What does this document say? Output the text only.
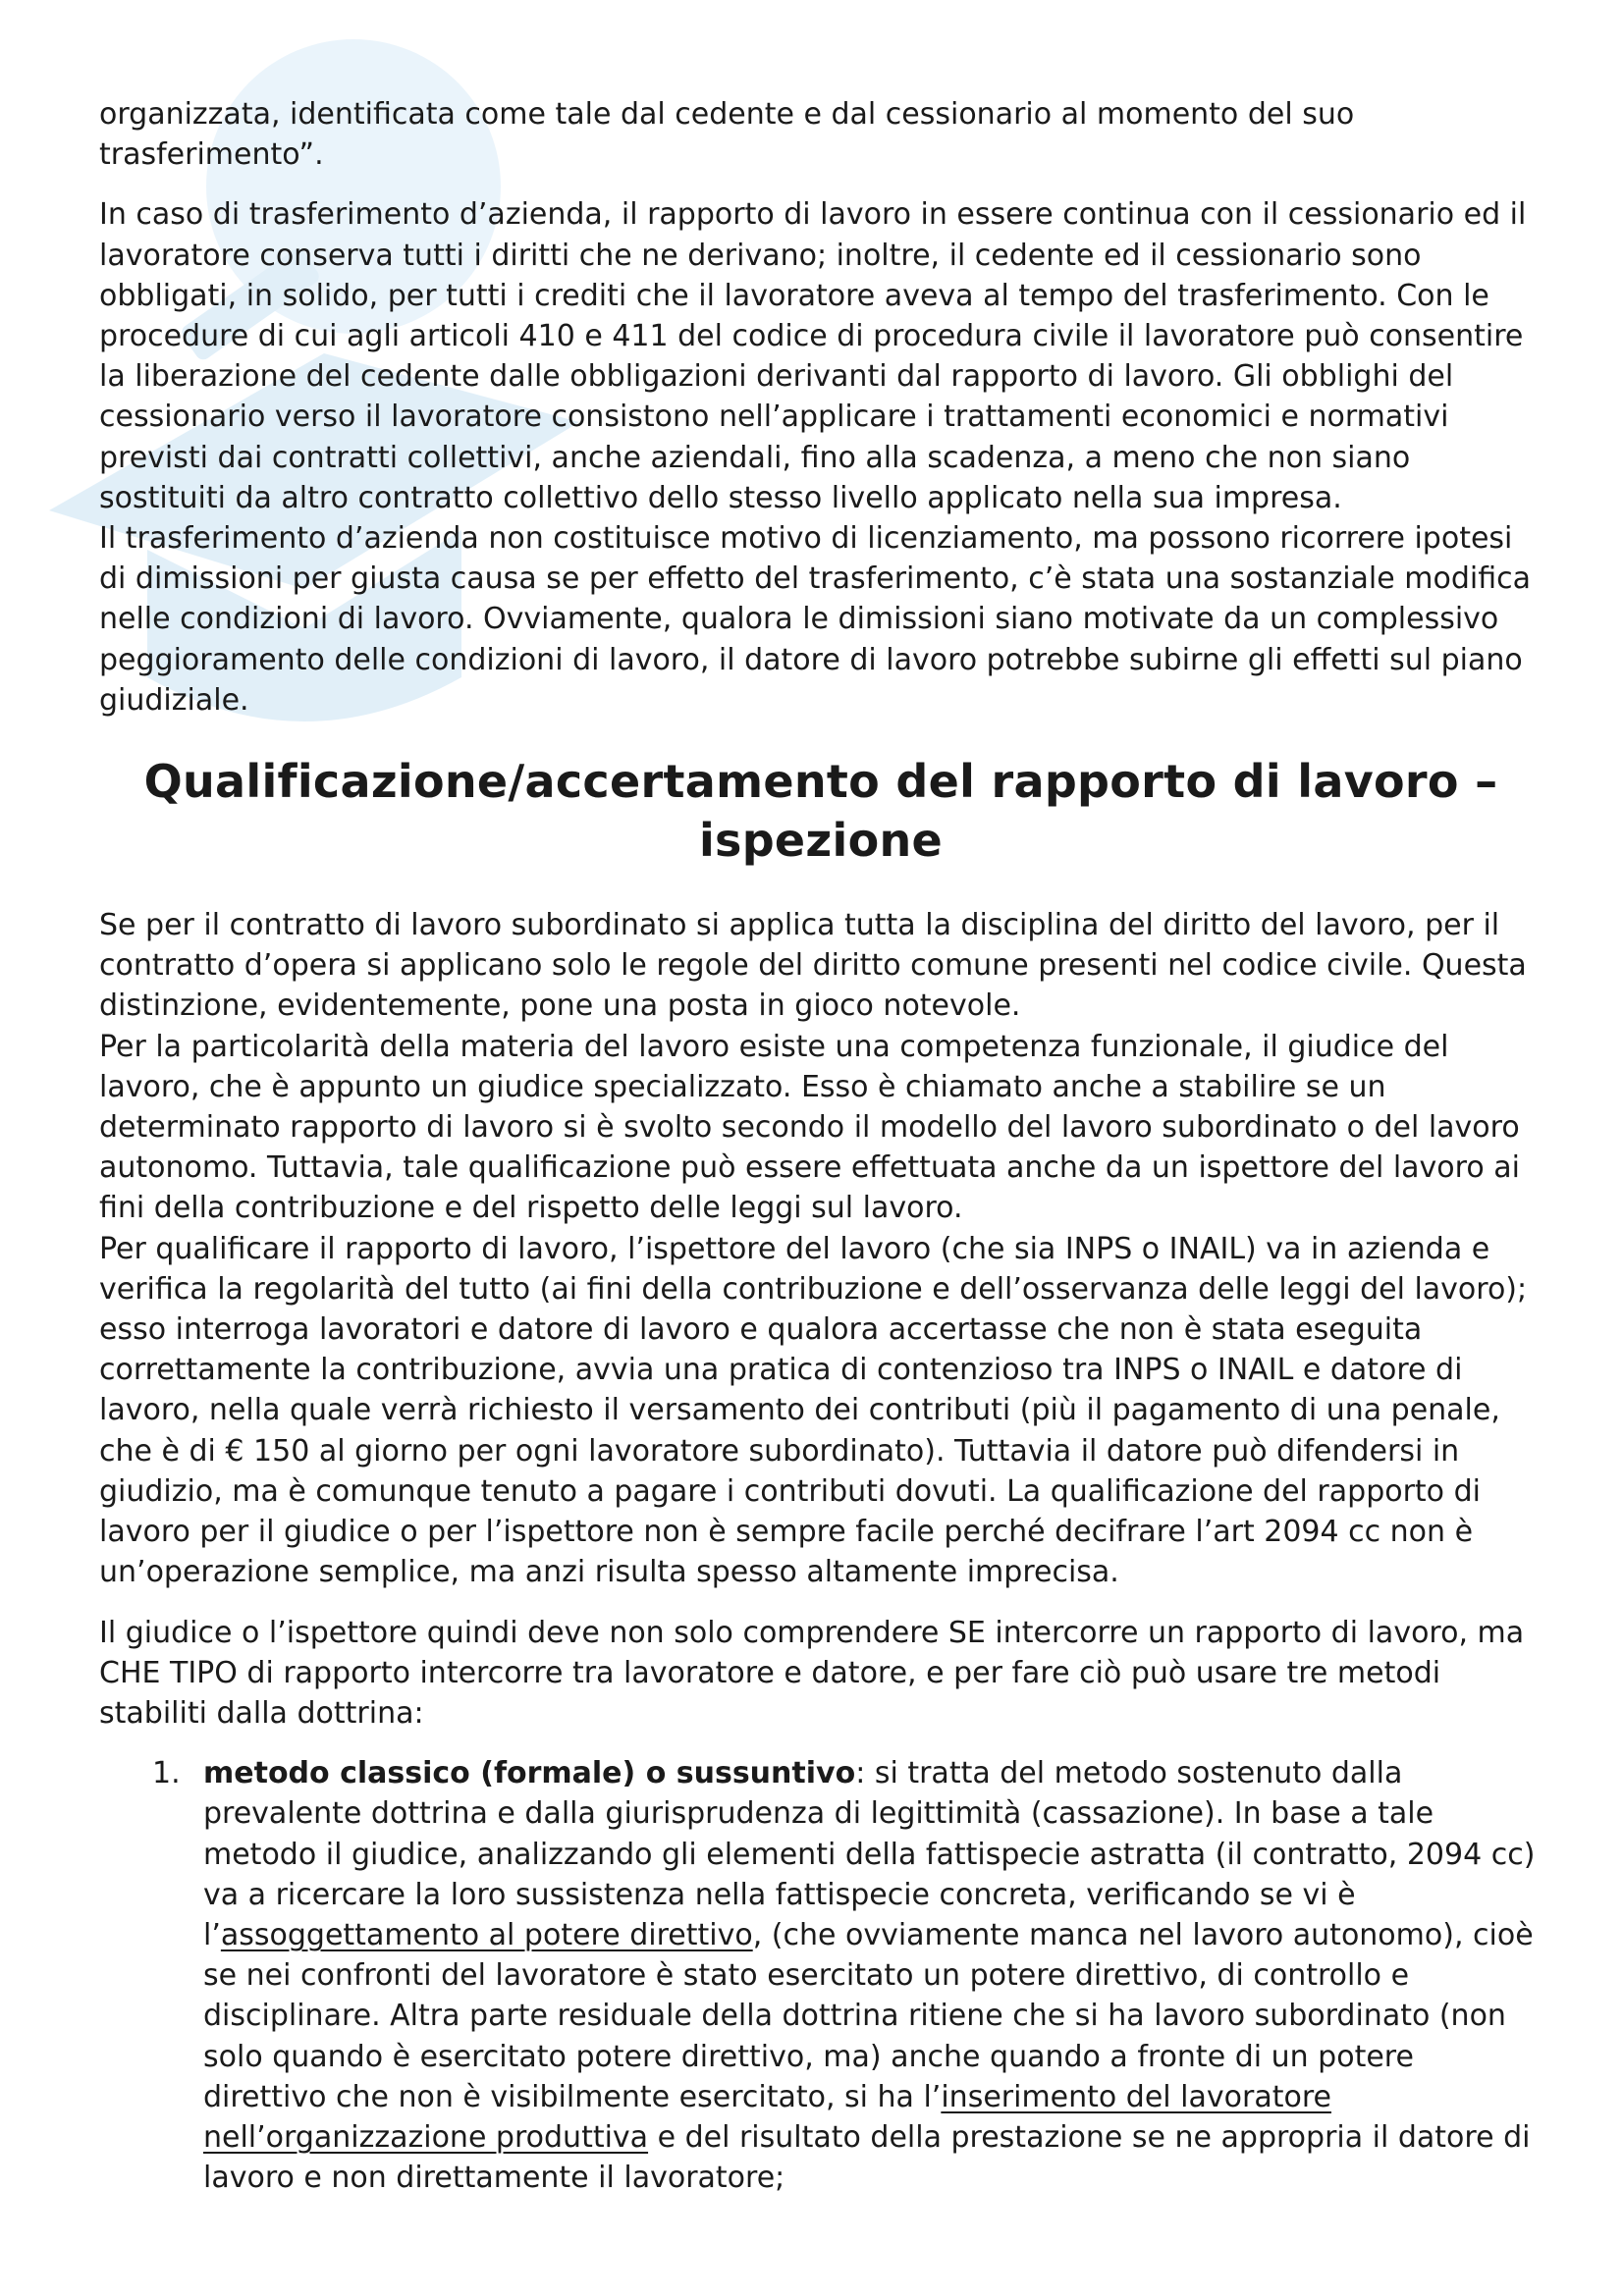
organizzata, identificata come tale dal cedente e dal cessionario al momento del suo trasferimento”.

In caso di trasferimento d’azienda, il rapporto di lavoro in essere continua con il cessionario ed il lavoratore conserva tutti i diritti che ne derivano; inoltre, il cedente ed il cessionario sono obbligati, in solido, per tutti i crediti che il lavoratore aveva al tempo del trasferimento. Con le procedure di cui agli articoli 410 e 411 del codice di procedura civile il lavoratore può consentire la liberazione del cedente dalle obbligazioni derivanti dal rapporto di lavoro. Gli obblighi del cessionario verso il lavoratore consistono nell’applicare i trattamenti economici e normativi previsti dai contratti collettivi, anche aziendali, fino alla scadenza, a meno che non siano sostituiti da altro contratto collettivo dello stesso livello applicato nella sua impresa.

Il trasferimento d’azienda non costituisce motivo di licenziamento, ma possono ricorrere ipotesi di dimissioni per giusta causa se per effetto del trasferimento, c’è stata una sostanziale modifica nelle condizioni di lavoro. Ovviamente, qualora le dimissioni siano motivate da un complessivo peggioramento delle condizioni di lavoro, il datore di lavoro potrebbe subirne gli effetti sul piano giudiziale.

Qualificazione/accertamento del rapporto di lavoro – ispezione

Se per il contratto di lavoro subordinato si applica tutta la disciplina del diritto del lavoro, per il contratto d’opera si applicano solo le regole del diritto comune presenti nel codice civile. Questa distinzione, evidentemente, pone una posta in gioco notevole.

Per la particolarità della materia del lavoro esiste una competenza funzionale, il giudice del lavoro, che è appunto un giudice specializzato. Esso è chiamato anche a stabilire se un determinato rapporto di lavoro si è svolto secondo il modello del lavoro subordinato o del lavoro autonomo. Tuttavia, tale qualificazione può essere effettuata anche da un ispettore del lavoro ai fini della contribuzione e del rispetto delle leggi sul lavoro.

Per qualificare il rapporto di lavoro, l’ispettore del lavoro (che sia INPS o INAIL) va in azienda e verifica la regolarità del tutto (ai fini della contribuzione e dell’osservanza delle leggi del lavoro); esso interroga lavoratori e datore di lavoro e qualora accertasse che non è stata eseguita correttamente la contribuzione, avvia una pratica di contenzioso tra INPS o INAIL e datore di lavoro, nella quale verrà richiesto il versamento dei contributi (più il pagamento di una penale, che è di € 150 al giorno per ogni lavoratore subordinato). Tuttavia il datore può difendersi in giudizio, ma è comunque tenuto a pagare i contributi dovuti. La qualificazione del rapporto di lavoro per il giudice o per l’ispettore non è sempre facile perché decifrare l’art 2094 cc non è un’operazione semplice, ma anzi risulta spesso altamente imprecisa.

Il giudice o l’ispettore quindi deve non solo comprendere SE intercorre un rapporto di lavoro, ma CHE TIPO di rapporto intercorre tra lavoratore e datore, e per fare ciò può usare tre metodi stabiliti dalla dottrina:

1. metodo classico (formale) o sussuntivo: si tratta del metodo sostenuto dalla prevalente dottrina e dalla giurisprudenza di legittimità (cassazione). In base a tale metodo il giudice, analizzando gli elementi della fattispecie astratta (il contratto, 2094 cc) va a ricercare la loro sussistenza nella fattispecie concreta, verificando se vi è l’assoggettamento al potere direttivo, (che ovviamente manca nel lavoro autonomo), cioè se nei confronti del lavoratore è stato esercitato un potere direttivo, di controllo e disciplinare. Altra parte residuale della dottrina ritiene che si ha lavoro subordinato (non solo quando è esercitato potere direttivo, ma) anche quando a fronte di un potere direttivo che non è visibilmente esercitato, si ha l’inserimento del lavoratore nell’organizzazione produttiva e del risultato della prestazione se ne appropria il datore di lavoro e non direttamente il lavoratore;
